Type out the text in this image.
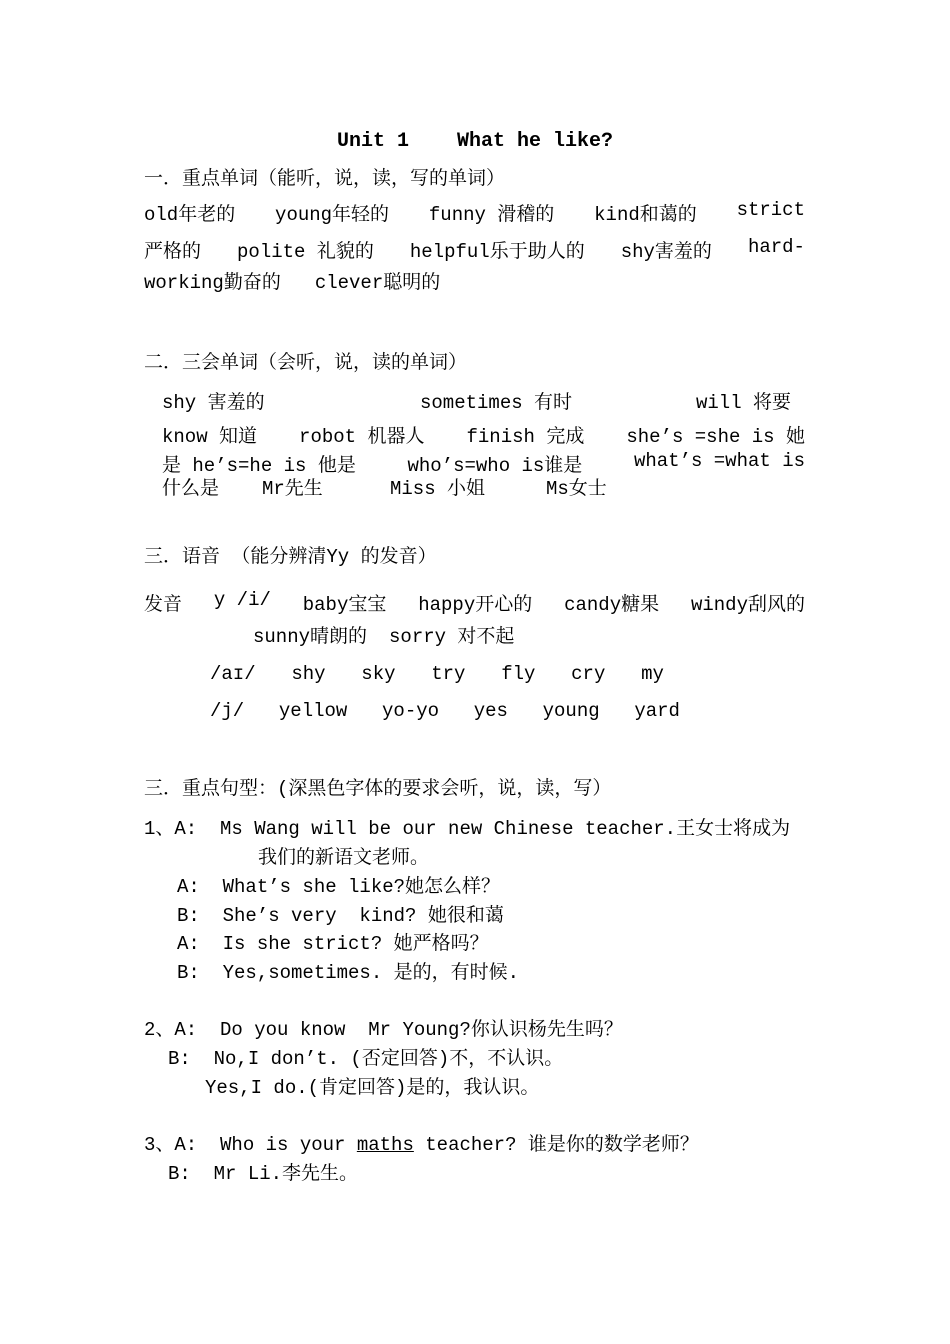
Unit 1    What he like?
一．重点单词（能听，说，读，写的单词）
old年老的 young年轻的 funny 滑稽的 kind和蔼的 strict
严格的 polite 礼貌的 helpful乐于助人的 shy害羞的 hard-
working勤奋的 clever聪明的
二．三会单词（会听，说，读的单词）
shy 害羞的	sometimes 有时	will 将要
know 知道 robot 机器人 finish 完成 she’s =she is 她
是 he’s=he is 他是	who’s=who is谁是	what’s =what is
什么是 Mr先生	Miss 小姐	Ms女士
三．语音 （能分辨清Yy 的发音）
发音 y /i/ baby宝宝 happy开心的 candy糖果 windy刮风的
sunny晴朗的 sorry 对不起
/aɪ/ shy sky try fly cry my
/j/ yellow yo-yo yes young yard
三．重点句型：(深黑色字体的要求会听，说，读，写）
1、A:  Ms Wang will be our new Chinese teacher.王女士将成为
我们的新语文老师。
A:  What’s she like?她怎么样？
B:  She’s very  kind? 她很和蔼
A:  Is she strict? 她严格吗？
B:  Yes,sometimes. 是的，有时候.
2、A:  Do you know  Mr Young?你认识杨先生吗？
B:  No,I don’t. (否定回答)不，不认识。
Yes,I do.(肯定回答)是的，我认识。
3、A:  Who is your maths teacher? 谁是你的数学老师？
B:  Mr Li.李先生。
